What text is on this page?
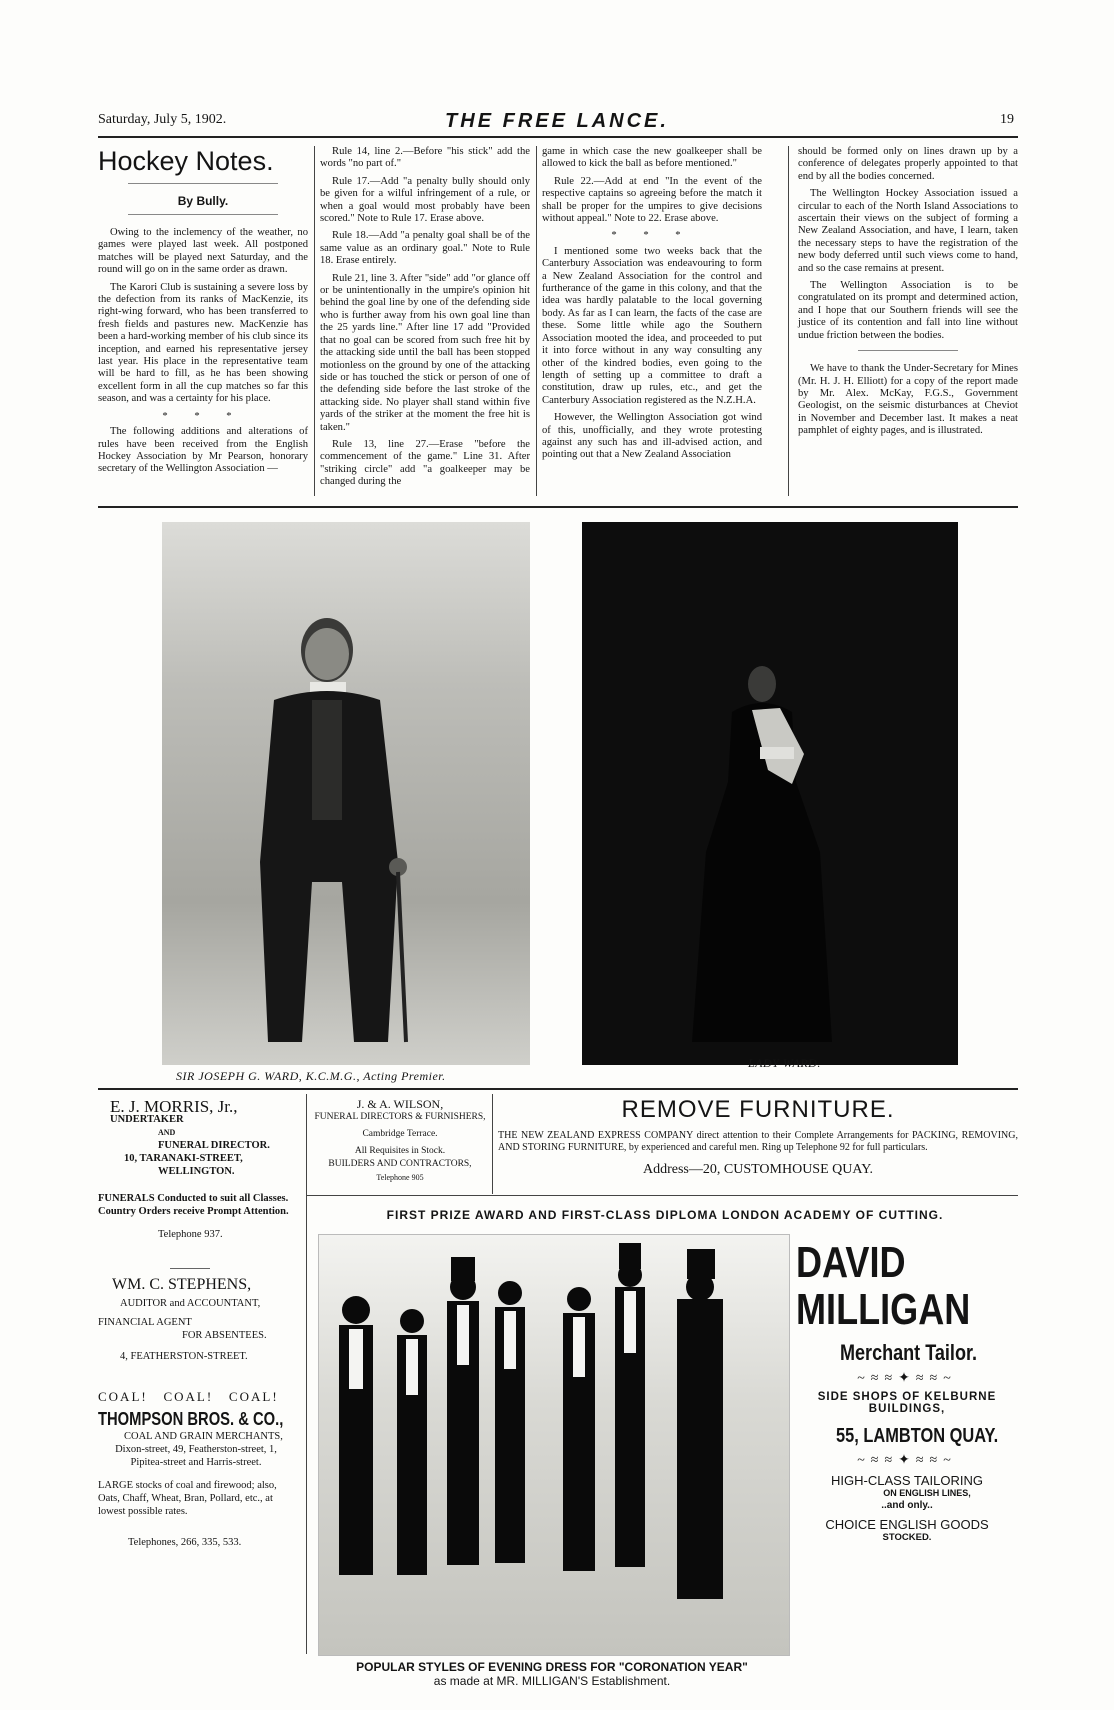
Saturday, July 5, 1902.	THE FREE LANCE.	19
Hockey Notes.
By Bully.

Owing to the inclemency of the weather, no games were played last week. All postponed matches will be played next Saturday, and the round will go on in the same order as drawn.

The Karori Club is sustaining a severe loss by the defection from its ranks of MacKenzie, its right-wing forward, who has been transferred to fresh fields and pastures new. MacKenzie has been a hard-working member of his club since its inception, and earned his representative jersey last year. His place in the representative team will be hard to fill, as he has been showing excellent form in all the cup matches so far this season, and was a certainty for his place.

* * *

The following additions and alterations of rules have been received from the English Hockey Association by Mr Pearson, honorary secretary of the Wellington Association —

Rule 14, line 2.—Before "his stick" add the words "no part of."

Rule 17.—Add "a penalty bully should only be given for a wilful infringement of a rule, or when a goal would most probably have been scored." Note to Rule 17. Erase above.

Rule 18.—Add "a penalty goal shall be of the same value as an ordinary goal." Note to Rule 18. Erase entirely.

Rule 21, line 3. After "side" add "or glance off or be unintentionally in the umpire's opinion hit behind the goal line by one of the defending side who is further away from his own goal line than the 25 yards line." After line 17 add "Provided that no goal can be scored from such free hit by the attacking side until the ball has been stopped motionless on the ground by one of the attacking side or has touched the stick or person of one of the defending side before the last stroke of the attacking side. No player shall stand within five yards of the striker at the moment the free hit is taken."

Rule 13, line 27.—Erase "before the commencement of the game." Line 31. After "striking circle" add "a goalkeeper may be changed during the

game in which case the new goalkeeper shall be allowed to kick the ball as before mentioned."

Rule 22.—Add at end "In the event of the respective captains so agreeing before the match it shall be proper for the umpires to give decisions without appeal." Note to 22. Erase above.

* * *

I mentioned some two weeks back that the Canterbury Association was endeavouring to form a New Zealand Association for the control and furtherance of the game in this colony, and that the idea was hardly palatable to the local governing body. As far as I can learn, the facts of the case are these. Some little while ago the Southern Association mooted the idea, and proceeded to put it into force without in any way consulting any other of the kindred bodies, even going to the length of setting up a committee to draft a constitution, draw up rules, etc., and get the Canterbury Association registered as the N.Z.H.A.

However, the Wellington Association got wind of this, unofficially, and they wrote protesting against any such has and ill-advised action, and pointing out that a New Zealand Association

should be formed only on lines drawn up by a conference of delegates properly appointed to that end by all the bodies concerned.

The Wellington Hockey Association issued a circular to each of the North Island Associations to ascertain their views on the subject of forming a New Zealand Association, and have, I learn, taken the necessary steps to have the registration of the new body deferred until such views come to hand, and so the case remains at present.

The Wellington Association is to be congratulated on its prompt and determined action, and I hope that our Southern friends will see the justice of its contention and fall into line without undue friction between the bodies.

We have to thank the Under-Secretary for Mines (Mr. H. J. H. Elliott) for a copy of the report made by Mr. Alex. McKay, F.G.S., Government Geologist, on the seismic disturbances at Cheviot in November and December last. It makes a neat pamphlet of eighty pages, and is illustrated.

SIR JOSEPH G. WARD, K.C.M.G., Acting Premier.
LADY WARD.
E. J. MORRIS, Jr.,
UNDERTAKER
AND
FUNERAL DIRECTOR.
10, TARANAKI-STREET,
WELLINGTON.
FUNERALS Conducted to suit all Classes. Country Orders receive Prompt Attention.
Telephone 937.
WM. C. STEPHENS,
AUDITOR and ACCOUNTANT,
FINANCIAL AGENT
FOR ABSENTEES.
4, FEATHERSTON-STREET.
COAL!   COAL!   COAL!
THOMPSON BROS. & CO.,
COAL AND GRAIN MERCHANTS,
Dixon-street, 49, Featherston-street, 1, Pipitea-street and Harris-street.
LARGE stocks of coal and firewood; also, Oats, Chaff, Wheat, Bran, Pollard, etc., at lowest possible rates.
Telephones, 266, 335, 533.
J. & A. WILSON,
FUNERAL DIRECTORS & FURNISHERS,
Cambridge Terrace.
All Requisites in Stock.
BUILDERS AND CONTRACTORS,
Telephone 905
REMOVE FURNITURE.
THE NEW ZEALAND EXPRESS COMPANY direct attention to their Complete Arrangements for PACKING, REMOVING, AND STORING FURNITURE, by experienced and careful men. Ring up Telephone 92 for full particulars.
Address—20, CUSTOMHOUSE QUAY.
FIRST PRIZE AWARD AND FIRST-CLASS DIPLOMA LONDON ACADEMY OF CUTTING.
POPULAR STYLES OF EVENING DRESS FOR "CORONATION YEAR"
as made at MR. MILLIGAN'S Establishment.
DAVID
MILLIGAN
Merchant Tailor.
~≈≈✦≈≈~
SIDE SHOPS OF KELBURNE
BUILDINGS,
55, LAMBTON QUAY.
~≈≈✦≈≈~
HIGH-CLASS TAILORING
ON ENGLISH LINES,
..and only..
CHOICE ENGLISH GOODS
STOCKED.
